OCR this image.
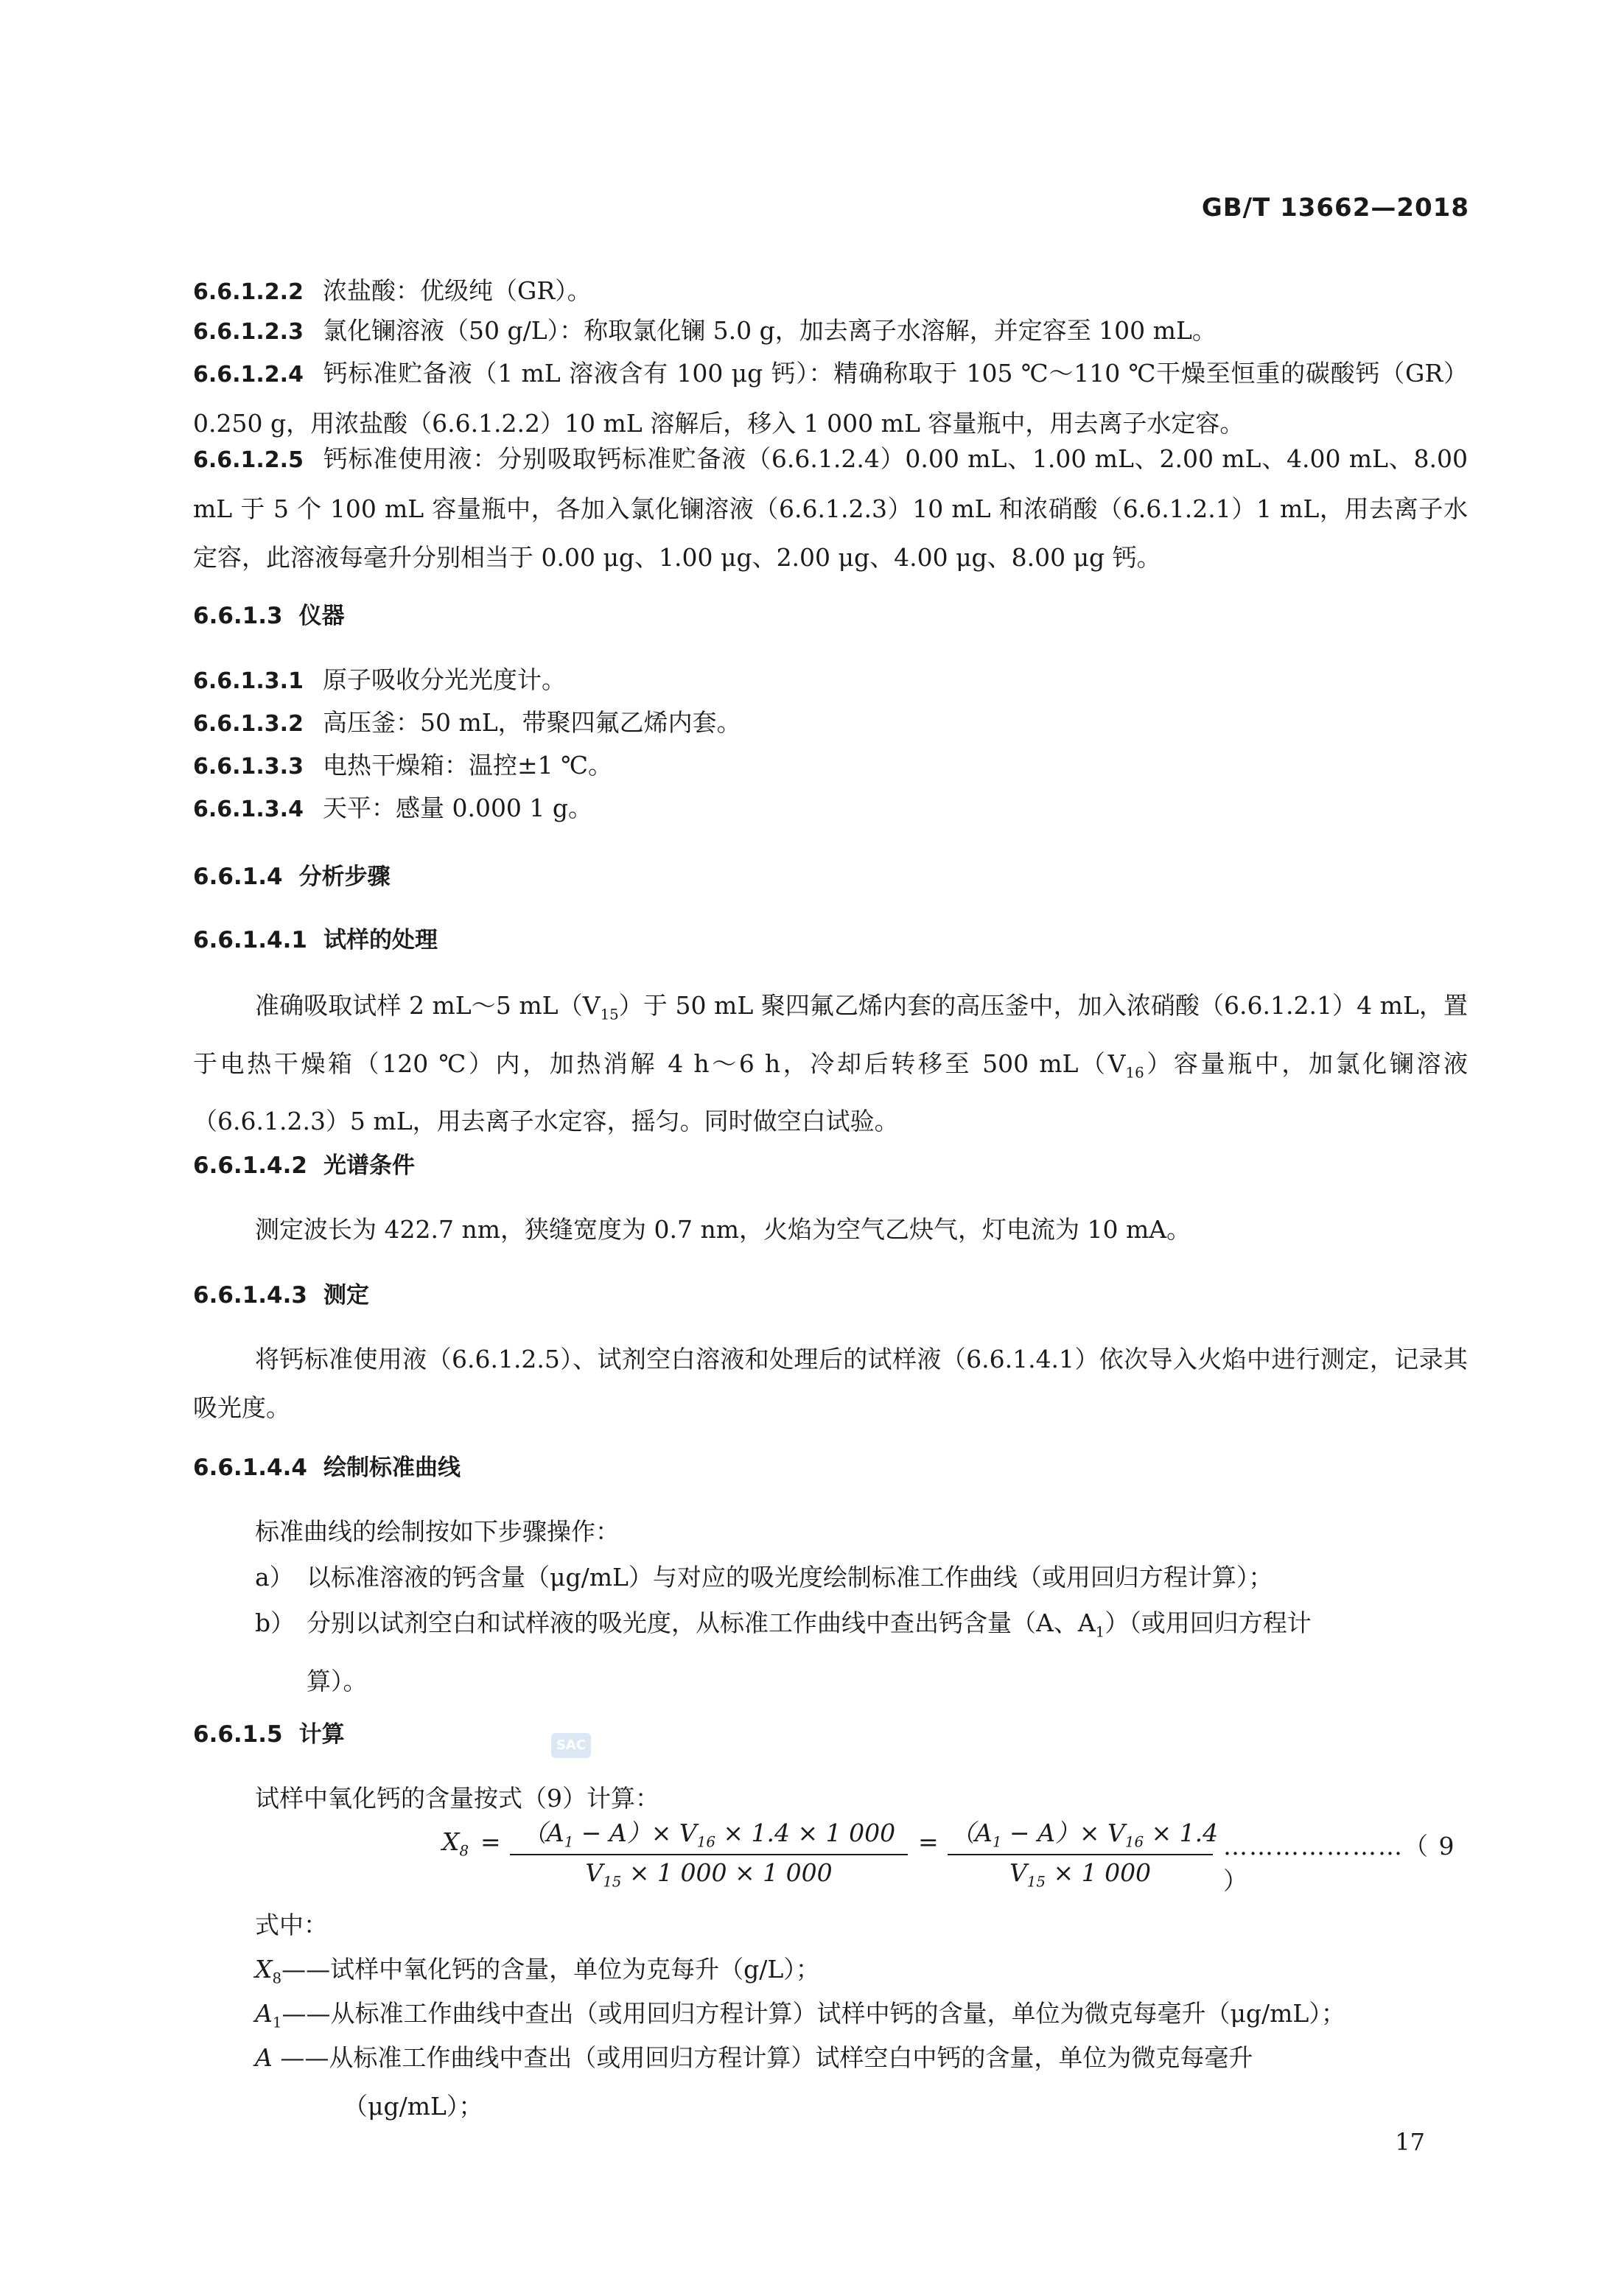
GB/T 13662—2018
6.6.1.2.2 浓盐酸：优级纯（GR）。
6.6.1.2.3 氯化镧溶液（50 g/L）：称取氯化镧 5.0 g，加去离子水溶解，并定容至 100 mL。
6.6.1.2.4 钙标准贮备液（1 mL 溶液含有 100 μg 钙）：精确称取于 105 ℃～110 ℃干燥至恒重的碳酸钙（GR）0.250 g，用浓盐酸（6.6.1.2.2）10 mL 溶解后，移入 1 000 mL 容量瓶中，用去离子水定容。
6.6.1.2.5 钙标准使用液：分别吸取钙标准贮备液（6.6.1.2.4）0.00 mL、1.00 mL、2.00 mL、4.00 mL、8.00 mL 于 5 个 100 mL 容量瓶中，各加入氯化镧溶液（6.6.1.2.3）10 mL 和浓硝酸（6.6.1.2.1）1 mL，用去离子水定容，此溶液每毫升分别相当于 0.00 μg、1.00 μg、2.00 μg、4.00 μg、8.00 μg 钙。
6.6.1.3 仪器
6.6.1.3.1 原子吸收分光光度计。
6.6.1.3.2 高压釜：50 mL，带聚四氟乙烯内套。
6.6.1.3.3 电热干燥箱：温控±1 ℃。
6.6.1.3.4 天平：感量 0.000 1 g。
6.6.1.4 分析步骤
6.6.1.4.1 试样的处理
准确吸取试样 2 mL～5 $mL(V_{15})$于 50 mL 聚四氟乙烯内套的高压釜中，加入浓硝酸（6.6.1.2.1）4 mL，置于电热干燥箱（120 ℃）内，加热消解 4 h～6 h，冷却后转移至 500 $mL(V_{16})$容量瓶中，加氯化镧溶液（6.6.1.2.3）5 mL，用去离子水定容，摇匀。同时做空白试验。
6.6.1.4.2 光谱条件
测定波长为 422.7 nm，狭缝宽度为 0.7 nm，火焰为空气乙炔气，灯电流为 10 mA。
6.6.1.4.3 测定
将钙标准使用液（6.6.1.2.5）、试剂空白溶液和处理后的试样液（6.6.1.4.1）依次导入火焰中进行测定，记录其吸光度。
6.6.1.4.4 绘制标准曲线
标准曲线的绘制按如下步骤操作：
a） 以标准溶液的钙含量（μg/mL）与对应的吸光度绘制标准工作曲线（或用回归方程计算）；
b） 分别以试剂空白和试样液的吸光度，从标准工作曲线中查出钙含量（A、$A_1$）（或用回归方程计
算）。
6.6.1.5 计算	SAC
试样中氧化钙的含量按式（9）计算：
$X_8 = \frac{(A_1 - A)\times V_{16} \times 1.4 \times 1 000}{V_{15} \times 1 000 \times 1 000} = \frac{(A_1 - A)\times V_{16} \times 1.4}{V_{15} \times 1 000}$ …………………（ 9 ）
式中：
$X_8——$试样中氧化钙的含量，单位为克每升（g/L）；
$A_1——$从标准工作曲线中查出（或用回归方程计算）试样中钙的含量，单位为微克每毫升（μg/mL）；
A ——从标准工作曲线中查出（或用回归方程计算）试样空白中钙的含量，单位为微克每毫升
（μg/mL）；
17
